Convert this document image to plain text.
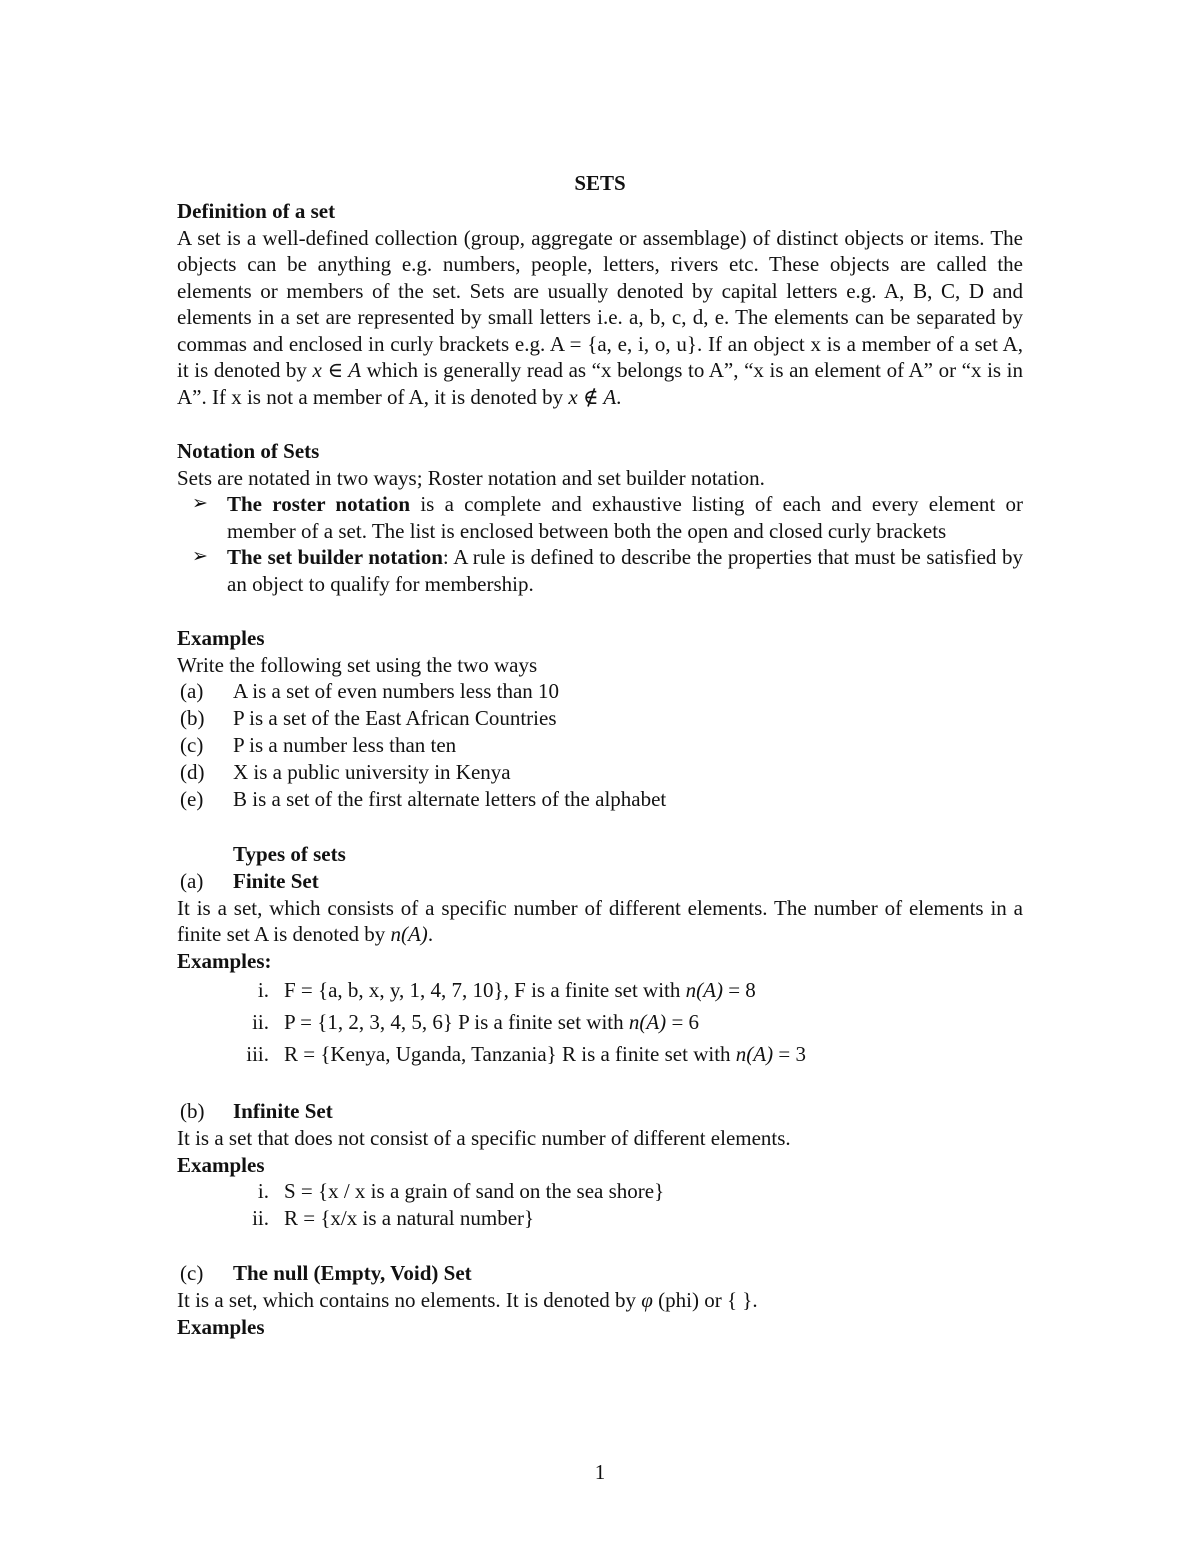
SETS

Definition of a set

A set is a well-defined collection (group, aggregate or assemblage) of distinct objects or items. The objects can be anything e.g. numbers, people, letters, rivers etc. These objects are called the elements or members of the set. Sets are usually denoted by capital letters e.g. A, B, C, D and elements in a set are represented by small letters i.e. a, b, c, d, e. The elements can be separated by commas and enclosed in curly brackets e.g. A = {a, e, i, o, u}. If an object x is a member of a set A, it is denoted by x ∈ A which is generally read as “x belongs to A”, “x is an element of A” or “x is in A”. If x is not a member of A, it is denoted by x ∉ A.

Notation of Sets

Sets are notated in two ways; Roster notation and set builder notation.

➢ The roster notation is a complete and exhaustive listing of each and every element or member of a set. The list is enclosed between both the open and closed curly brackets
➢ The set builder notation: A rule is defined to describe the properties that must be satisfied by an object to qualify for membership.
Examples

Write the following set using the two ways

(a) A is a set of even numbers less than 10
(b) P is a set of the East African Countries
(c) P is a number less than ten
(d) X is a public university in Kenya
(e) B is a set of the first alternate letters of the alphabet
Types of sets
(a) Finite Set

It is a set, which consists of a specific number of different elements. The number of elements in a finite set A is denoted by n(A).

Examples:
i. F = {a, b, x, y, 1, 4, 7, 10}, F is a finite set with n(A) = 8
ii. P = {1, 2, 3, 4, 5, 6} P is a finite set with n(A) = 6
iii. R = {Kenya, Uganda, Tanzania} R is a finite set with n(A) = 3
(b) Infinite Set

It is a set that does not consist of a specific number of different elements.

Examples
i. S = {x / x is a grain of sand on the sea shore}
ii. R = {x/x is a natural number}
(c) The null (Empty, Void) Set

It is a set, which contains no elements. It is denoted by φ (phi) or { }.

Examples
1
